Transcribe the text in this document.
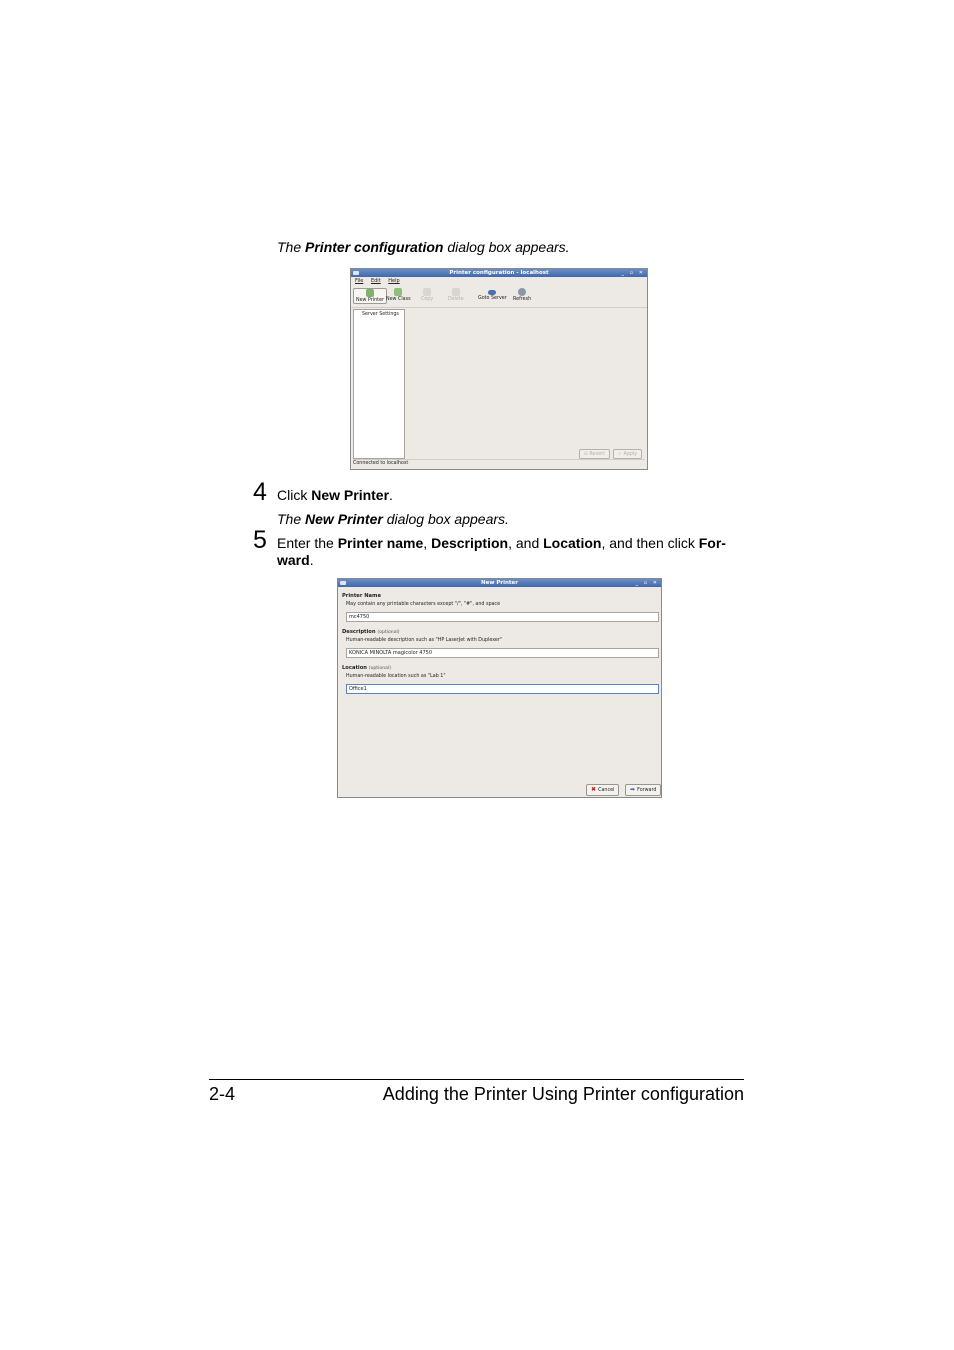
The Printer configuration dialog box appears.
Printer configuration - localhost	_ ▫ ✕
File Edit Help
New Printer New Class Copy	Delete	Goto Server Refresh
Server Settings
⎌ Revert	✓ Apply
Connected to localhost
4 Click New Printer.
The New Printer dialog box appears.
5 Enter the Printer name, Description, and Location, and then click For-
ward.
New Printer	_ ▫ ✕
Printer Name
May contain any printable characters except "/", "#", and space
mc4750
Description (optional)
Human-readable description such as "HP LaserJet with Duplexer"
KONICA MINOLTA magicolor 4750
Location (optional)
Human-readable location such as "Lab 1"
Office1
✖ Cancel	➡ Forward
2-4	Adding the Printer Using Printer configuration
